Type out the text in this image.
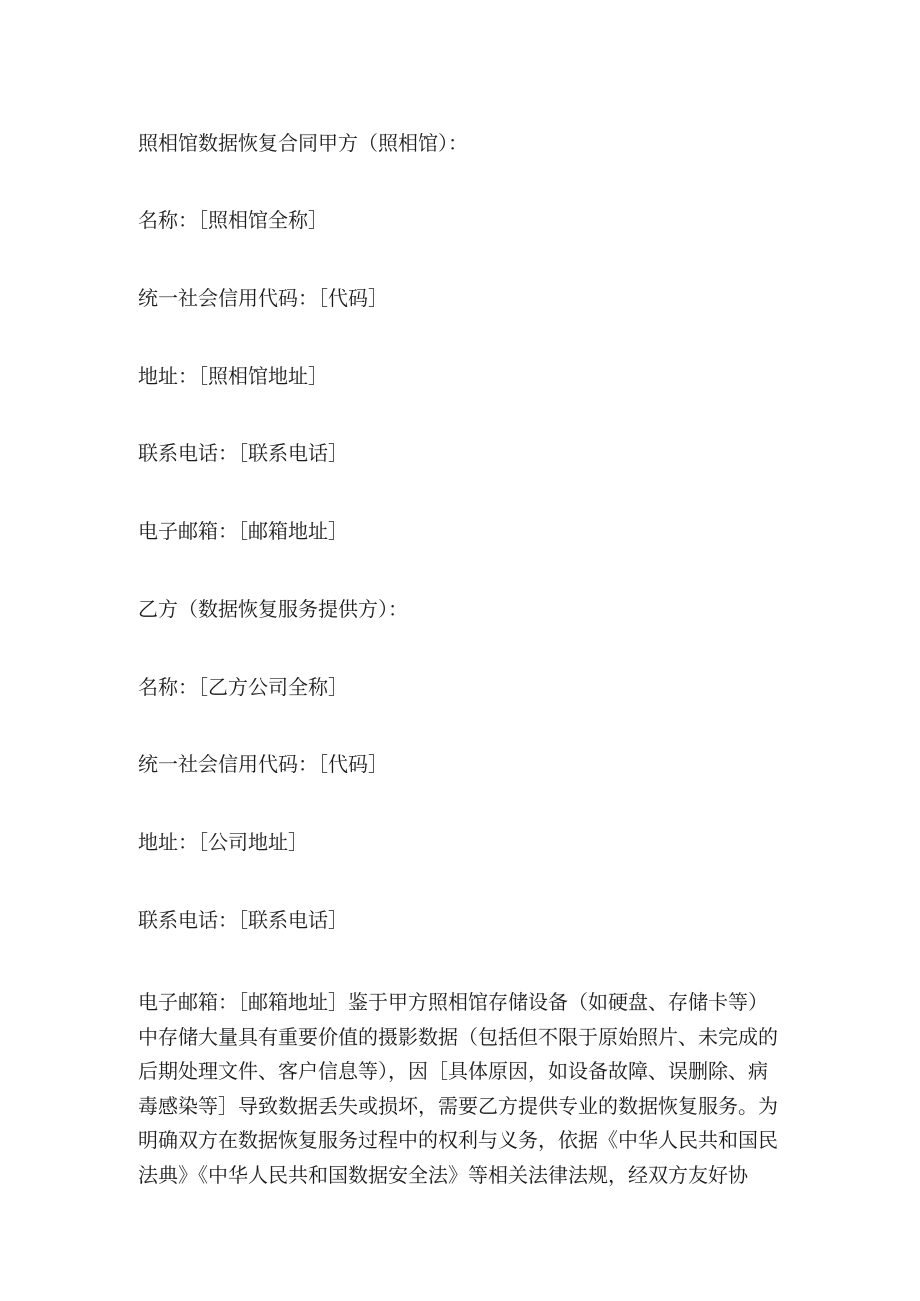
照相馆数据恢复合同甲方（照相馆）：
名称：［照相馆全称］
统一社会信用代码：［代码］
地址：［照相馆地址］
联系电话：［联系电话］
电子邮箱：［邮箱地址］
乙方（数据恢复服务提供方）：
名称：［乙方公司全称］
统一社会信用代码：［代码］
地址：［公司地址］
联系电话：［联系电话］
电子邮箱：［邮箱地址］鉴于甲方照相馆存储设备（如硬盘、存储卡等）
中存储大量具有重要价值的摄影数据（包括但不限于原始照片、未完成的
后期处理文件、客户信息等），因［具体原因，如设备故障、误删除、病
毒感染等］导致数据丢失或损坏，需要乙方提供专业的数据恢复服务。为
明确双方在数据恢复服务过程中的权利与义务，依据《中华人民共和国民
法典》《中华人民共和国数据安全法》等相关法律法规，经双方友好协
